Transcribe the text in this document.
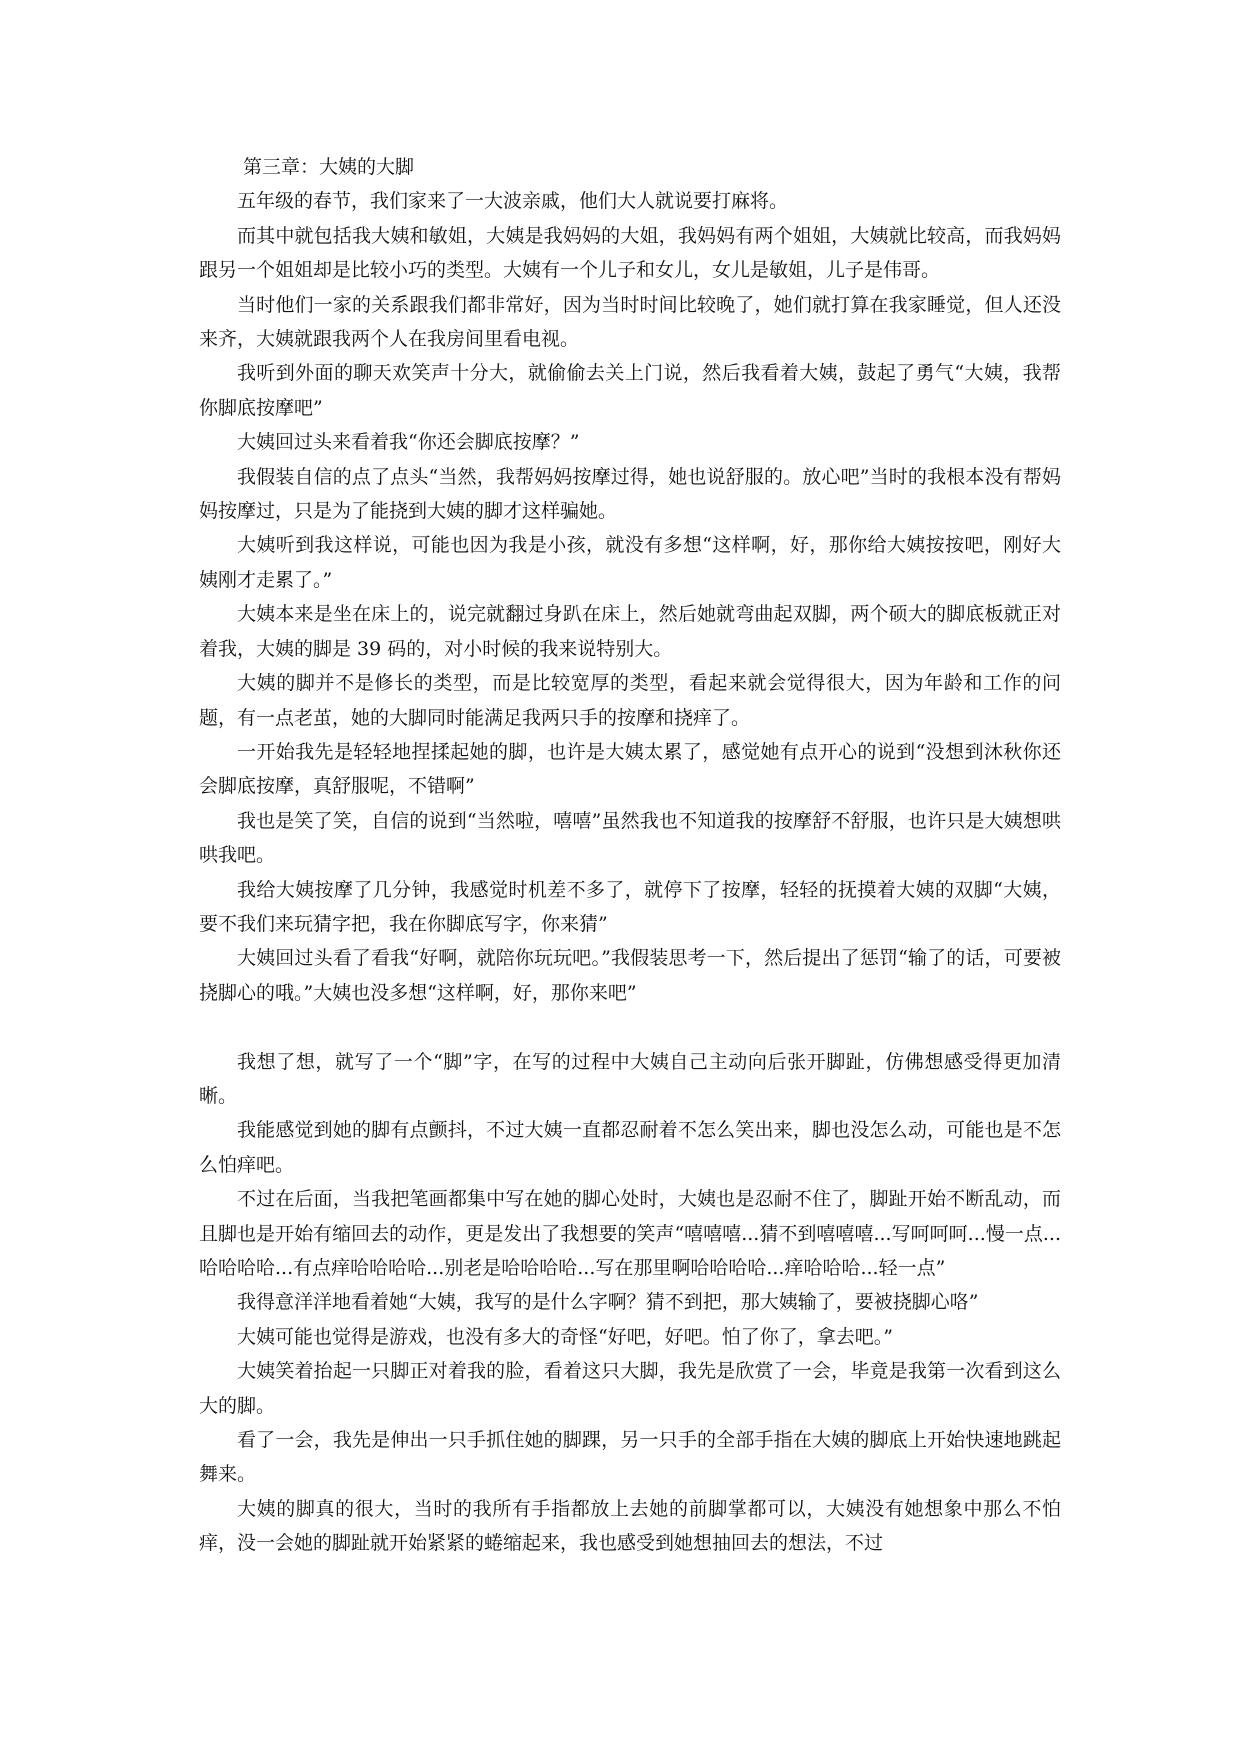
第三章：大姨的大脚

五年级的春节，我们家来了一大波亲戚，他们大人就说要打麻将。

而其中就包括我大姨和敏姐，大姨是我妈妈的大姐，我妈妈有两个姐姐，大姨就比较高，而我妈妈跟另一个姐姐却是比较小巧的类型。大姨有一个儿子和女儿，女儿是敏姐，儿子是伟哥。

当时他们一家的关系跟我们都非常好，因为当时时间比较晚了，她们就打算在我家睡觉，但人还没来齐，大姨就跟我两个人在我房间里看电视。

我听到外面的聊天欢笑声十分大，就偷偷去关上门说，然后我看着大姨，鼓起了勇气“大姨，我帮你脚底按摩吧”

大姨回过头来看着我“你还会脚底按摩？”

我假装自信的点了点头“当然，我帮妈妈按摩过得，她也说舒服的。放心吧”当时的我根本没有帮妈妈按摩过，只是为了能挠到大姨的脚才这样骗她。

大姨听到我这样说，可能也因为我是小孩，就没有多想“这样啊，好，那你给大姨按按吧，刚好大姨刚才走累了。”

大姨本来是坐在床上的，说完就翻过身趴在床上，然后她就弯曲起双脚，两个硕大的脚底板就正对着我，大姨的脚是 39 码的，对小时候的我来说特别大。

大姨的脚并不是修长的类型，而是比较宽厚的类型，看起来就会觉得很大，因为年龄和工作的问题，有一点老茧，她的大脚同时能满足我两只手的按摩和挠痒了。

一开始我先是轻轻地捏揉起她的脚，也许是大姨太累了，感觉她有点开心的说到“没想到沐秋你还会脚底按摩，真舒服呢，不错啊”

我也是笑了笑，自信的说到“当然啦，嘻嘻”虽然我也不知道我的按摩舒不舒服，也许只是大姨想哄哄我吧。

我给大姨按摩了几分钟，我感觉时机差不多了，就停下了按摩，轻轻的抚摸着大姨的双脚“大姨，要不我们来玩猜字把，我在你脚底写字，你来猜”

大姨回过头看了看我“好啊，就陪你玩玩吧。”我假装思考一下，然后提出了惩罚“输了的话，可要被挠脚心的哦。”大姨也没多想“这样啊，好，那你来吧”

我想了想，就写了一个“脚”字，在写的过程中大姨自己主动向后张开脚趾，仿佛想感受得更加清晰。

我能感觉到她的脚有点颤抖，不过大姨一直都忍耐着不怎么笑出来，脚也没怎么动，可能也是不怎么怕痒吧。

不过在后面，当我把笔画都集中写在她的脚心处时，大姨也是忍耐不住了，脚趾开始不断乱动，而且脚也是开始有缩回去的动作，更是发出了我想要的笑声“嘻嘻嘻...猜不到嘻嘻嘻...写呵呵呵...慢一点...哈哈哈哈...有点痒哈哈哈哈...别老是哈哈哈哈...写在那里啊哈哈哈哈...痒哈哈哈...轻一点”

我得意洋洋地看着她“大姨，我写的是什么字啊？猜不到把，那大姨输了，要被挠脚心咯”

大姨可能也觉得是游戏，也没有多大的奇怪“好吧，好吧。怕了你了，拿去吧。”

大姨笑着抬起一只脚正对着我的脸，看着这只大脚，我先是欣赏了一会，毕竟是我第一次看到这么大的脚。

看了一会，我先是伸出一只手抓住她的脚踝，另一只手的全部手指在大姨的脚底上开始快速地跳起舞来。

大姨的脚真的很大，当时的我所有手指都放上去她的前脚掌都可以，大姨没有她想象中那么不怕痒，没一会她的脚趾就开始紧紧的蜷缩起来，我也感受到她想抽回去的想法，不过
